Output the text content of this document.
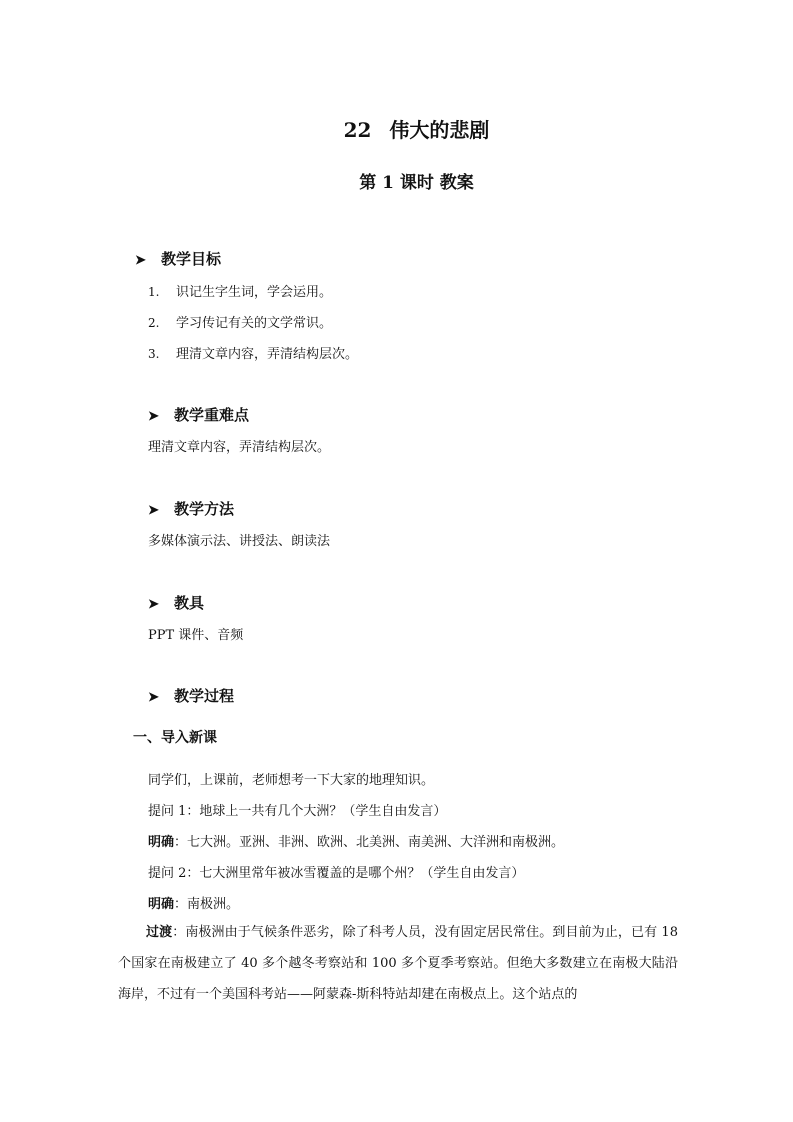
22 伟大的悲剧
第 1 课时 教案
➤ 教学目标
1. 识记生字生词，学会运用。
2. 学习传记有关的文学常识。
3. 理清文章内容，弄清结构层次。
➤ 教学重难点
理清文章内容，弄清结构层次。
➤ 教学方法
多媒体演示法、讲授法、朗读法
➤ 教具
PPT 课件、音频
➤ 教学过程
一、导入新课
同学们，上课前，老师想考一下大家的地理知识。
提问 1：地球上一共有几个大洲？（学生自由发言）
明确：七大洲。亚洲、非洲、欧洲、北美洲、南美洲、大洋洲和南极洲。
提问 2：七大洲里常年被冰雪覆盖的是哪个州？（学生自由发言）
明确：南极洲。
过渡：南极洲由于气候条件恶劣，除了科考人员，没有固定居民常住。到目前为止，已有 18 个国家在南极建立了 40 多个越冬考察站和 100 多个夏季考察站。但绝大多数建立在南极大陆沿海岸，不过有一个美国科考站——阿蒙森-斯科特站却建在南极点上。这个站点的
